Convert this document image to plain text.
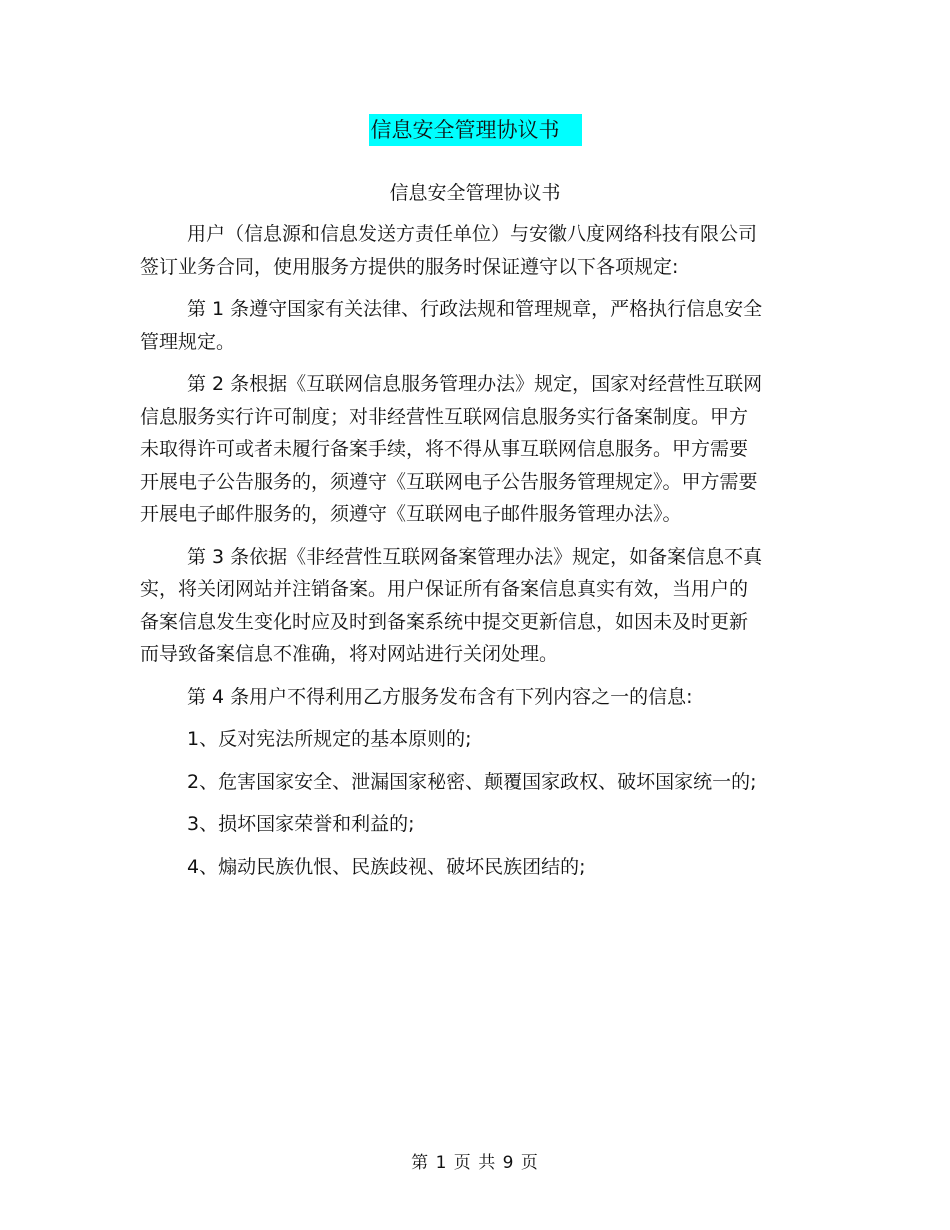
信息安全管理协议书
信息安全管理协议书

用户（信息源和信息发送方责任单位）与安徽八度网络科技有限公司签订业务合同，使用服务方提供的服务时保证遵守以下各项规定:

第 1 条遵守国家有关法律、行政法规和管理规章，严格执行信息安全管理规定。

第 2 条根据《互联网信息服务管理办法》规定，国家对经营性互联网信息服务实行许可制度；对非经营性互联网信息服务实行备案制度。甲方未取得许可或者未履行备案手续，将不得从事互联网信息服务。甲方需要开展电子公告服务的，须遵守《互联网电子公告服务管理规定》。甲方需要开展电子邮件服务的，须遵守《互联网电子邮件服务管理办法》。

第 3 条依据《非经营性互联网备案管理办法》规定，如备案信息不真实，将关闭网站并注销备案。用户保证所有备案信息真实有效，当用户的备案信息发生变化时应及时到备案系统中提交更新信息，如因未及时更新而导致备案信息不准确，将对网站进行关闭处理。

第 4 条用户不得利用乙方服务发布含有下列内容之一的信息:

1、反对宪法所规定的基本原则的;

2、危害国家安全、泄漏国家秘密、颠覆国家政权、破坏国家统一的;

3、损坏国家荣誉和利益的;

4、煽动民族仇恨、民族歧视、破坏民族团结的;

第 1 页 共 9 页
